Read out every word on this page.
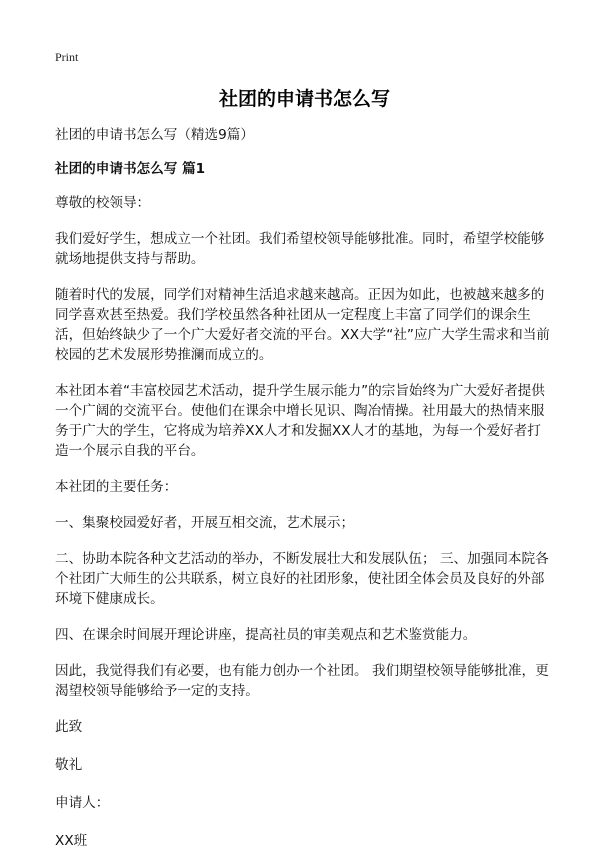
Print
社团的申请书怎么写
社团的申请书怎么写（精选9篇）
社团的申请书怎么写 篇1
尊敬的校领导：
我们爱好学生，想成立一个社团。我们希望校领导能够批准。同时，希望学校能够就场地提供支持与帮助。
随着时代的发展，同学们对精神生活追求越来越高。正因为如此，也被越来越多的同学喜欢甚至热爱。我们学校虽然各种社团从一定程度上丰富了同学们的课余生活，但始终缺少了一个广大爱好者交流的平台。XX大学“社”应广大学生需求和当前校园的艺术发展形势推澜而成立的。
本社团本着“丰富校园艺术活动，提升学生展示能力”的宗旨始终为广大爱好者提供一个广阔的交流平台。使他们在课余中增长见识、陶冶情操。社用最大的热情来服务于广大的学生，它将成为培养XX人才和发掘XX人才的基地，为每一个爱好者打造一个展示自我的平台。
本社团的主要任务：
一、集聚校园爱好者，开展互相交流，艺术展示；
二、协助本院各种文艺活动的举办，不断发展壮大和发展队伍； 三、加强同本院各个社团广大师生的公共联系，树立良好的社团形象，使社团全体会员及良好的外部环境下健康成长。
四、在课余时间展开理论讲座，提高社员的审美观点和艺术鉴赏能力。
因此，我觉得我们有必要，也有能力创办一个社团。 我们期望校领导能够批准，更渴望校领导能够给予一定的支持。
此致
敬礼
申请人：
XX班
